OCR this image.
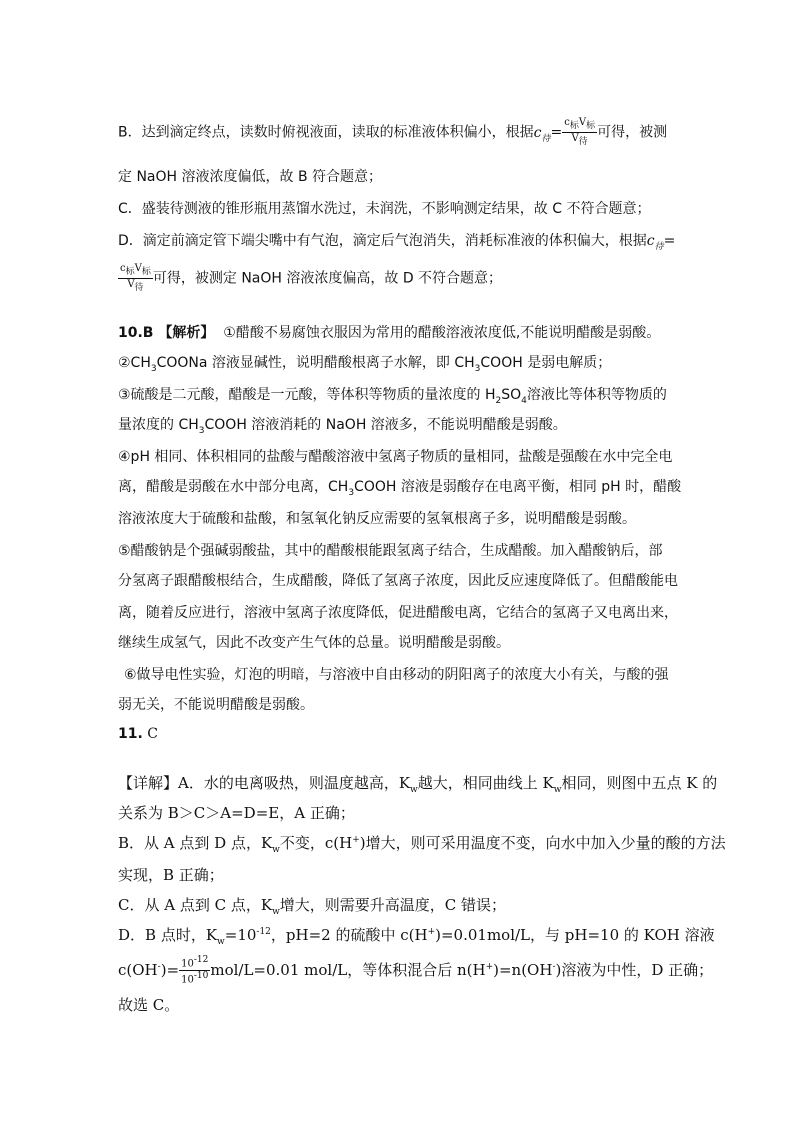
B．达到滴定终点，读数时俯视液面，读取的标准液体积偏小，根据$c_待= \frac{c_标V_标}{V_待}$ 可得，被测
定 NaOH 溶液浓度偏低，故 B 符合题意；
C．盛装待测液的锥形瓶用蒸馏水洗过，未润洗，不影响测定结果，故 C 不符合题意；
D．滴定前滴定管下端尖嘴中有气泡，滴定后气泡消失，消耗标准液的体积偏大，根据$c_待=$
$\frac{c_标V_标}{V_待}$ 可得，被测定 NaOH 溶液浓度偏高，故 D 不符合题意；
10.B 【解析】 ①醋酸不易腐蚀衣服因为常用的醋酸溶液浓度低,不能说明醋酸是弱酸。
$②CH_3COONa$ 溶液显碱性，说明醋酸根离子水解，即 $CH_3COOH$ 是弱电解质；
③硫酸是二元酸，醋酸是一元酸，等体积等物质的量浓度的 $H_2SO_4$溶液比等体积等物质的
量浓度的 $CH_3COOH$ 溶液消耗的 NaOH 溶液多，不能说明醋酸是弱酸。
④pH 相同、体积相同的盐酸与醋酸溶液中氢离子物质的量相同，盐酸是强酸在水中完全电
离，醋酸是弱酸在水中部分电离，$CH_3COOH$ 溶液是弱酸存在电离平衡，相同 pH 时，醋酸
溶液浓度大于硫酸和盐酸，和氢氧化钠反应需要的氢氧根离子多，说明醋酸是弱酸。
⑤醋酸钠是个强碱弱酸盐，其中的醋酸根能跟氢离子结合，生成醋酸。加入醋酸钠后，部
分氢离子跟醋酸根结合，生成醋酸，降低了氢离子浓度，因此反应速度降低了。但醋酸能电
离，随着反应进行，溶液中氢离子浓度降低，促进醋酸电离，它结合的氢离子又电离出来，
继续生成氢气，因此不改变产生气体的总量。说明醋酸是弱酸。
⑥做导电性实验，灯泡的明暗，与溶液中自由移动的阴阳离子的浓度大小有关，与酸的强
弱无关，不能说明醋酸是弱酸。
11. C
【详解】A．水的电离吸热，则温度越高，$K_w$越大，相同曲线上 $K_w$相同，则图中五点 K 的
关系为 B＞C＞A=D=E，A 正确；
B．从 A 点到 D 点，$K_w$不变，c(H+)增大，则可采用温度不变，向水中加入少量的酸的方法
实现，B 正确；
C．从 A 点到 C 点，$K_w$增大，则需要升高温度，C 错误；
D．B 点时，$K_w=10^{-12}$，pH=2 的硫酸中 c(H+)=0.01mol/L，与 pH=10 的 KOH 溶液
$c(OH^-)= \frac{10^{-12}}{10^{-10}} mol/L=0.01$ mol/L，等体积混合后 n(H+)=n(OH-)溶液为中性，D 正确；
故选 C。
